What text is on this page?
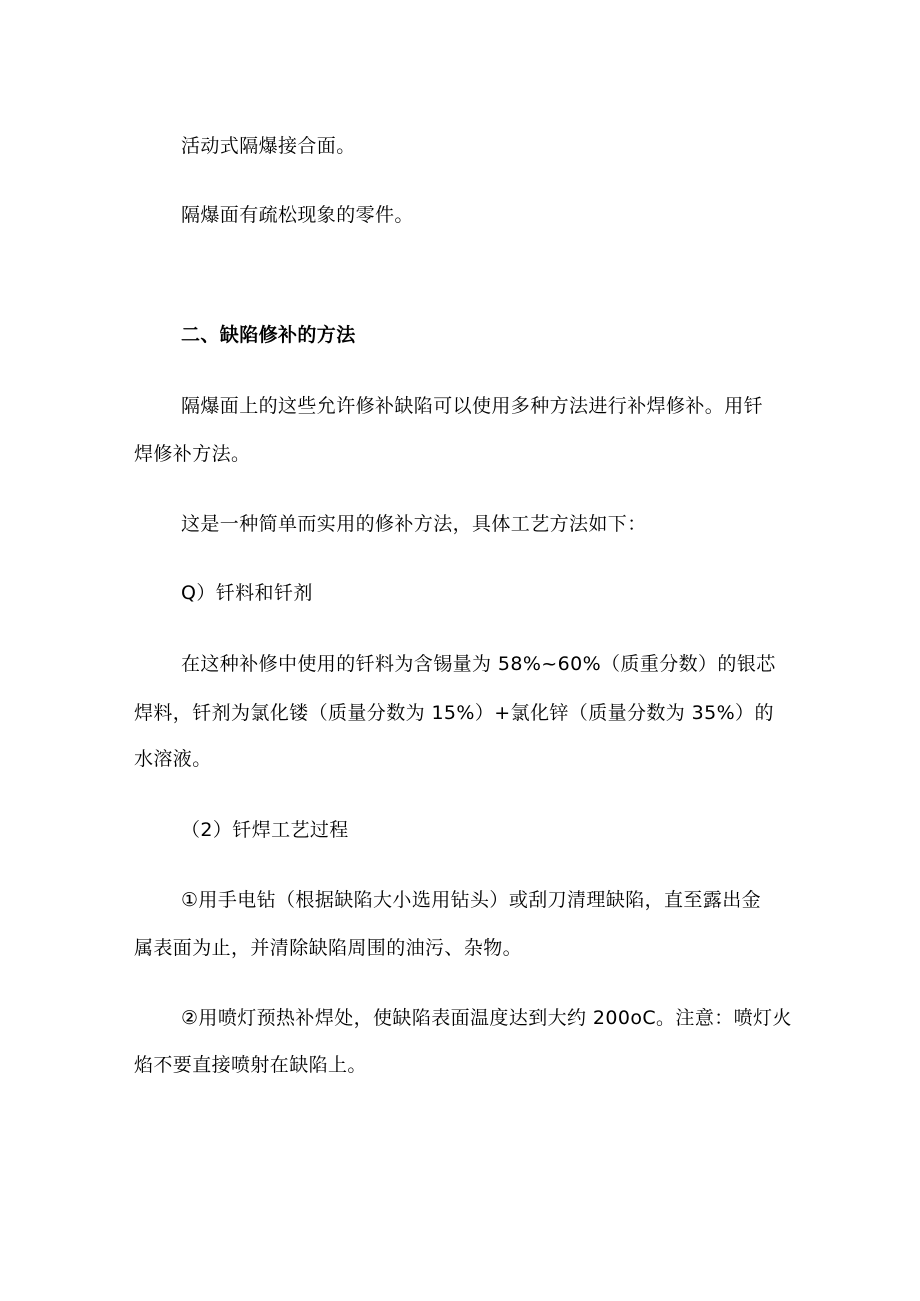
活动式隔爆接合面。
隔爆面有疏松现象的零件。
二、缺陷修补的方法
隔爆面上的这些允许修补缺陷可以使用多种方法进行补焊修补。用钎
焊修补方法。
这是一种简单而实用的修补方法，具体工艺方法如下：
Q）钎料和钎剂
在这种补修中使用的钎料为含锡量为 58%~60%（质重分数）的银芯
焊料，钎剂为氯化镂（质量分数为 15%）+氯化锌（质量分数为 35%）的
水溶液。
（2）钎焊工艺过程
①用手电钻（根据缺陷大小选用钻头）或刮刀清理缺陷，直至露出金
属表面为止，并清除缺陷周围的油污、杂物。
②用喷灯预热补焊处，使缺陷表面温度达到大约 200oC。注意：喷灯火
焰不要直接喷射在缺陷上。
